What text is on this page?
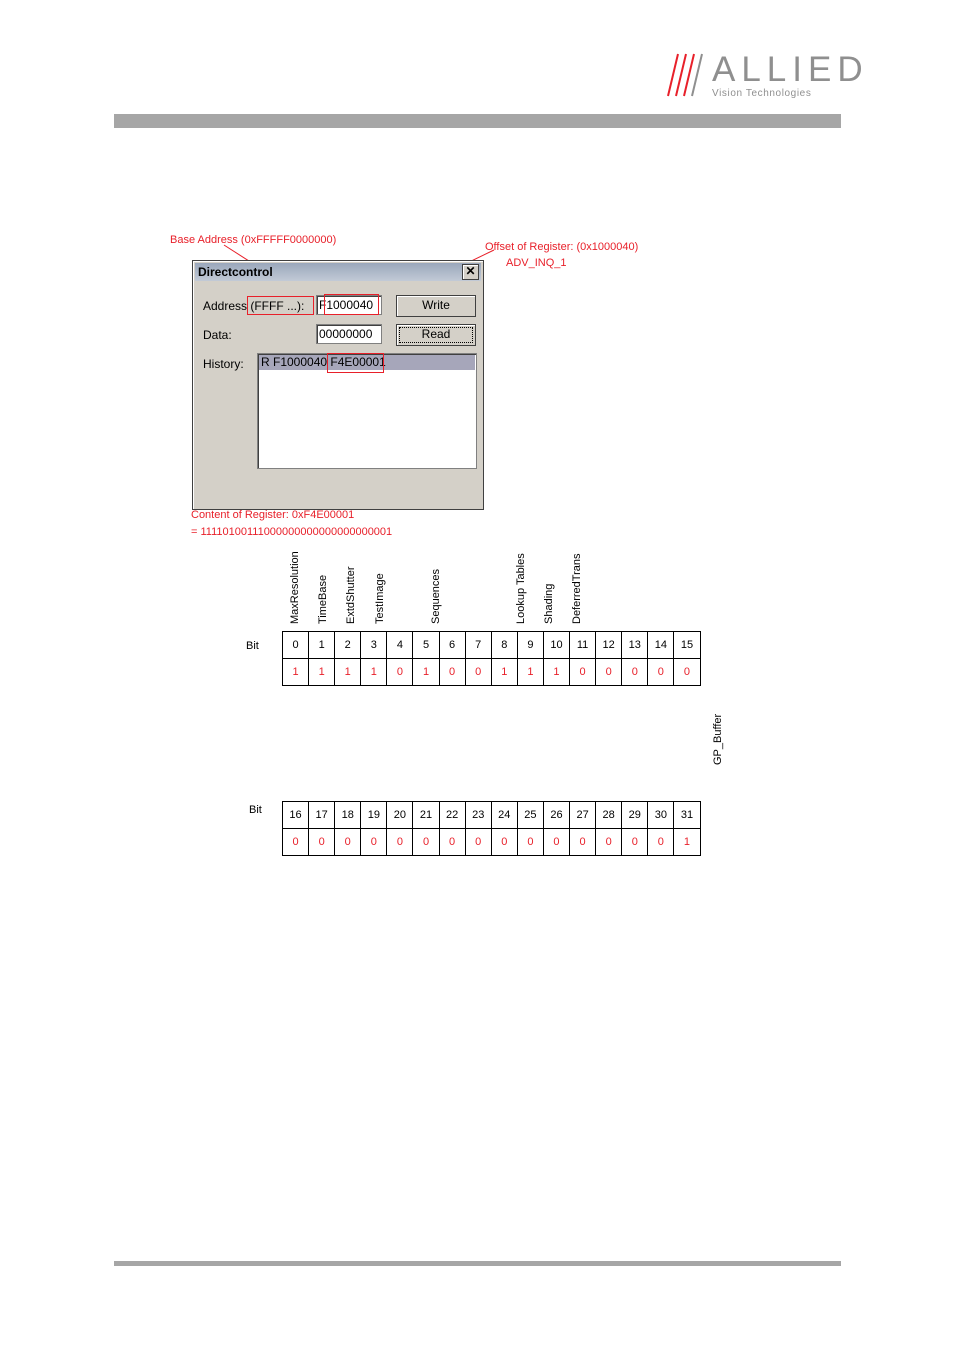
ALLIED
Vision Technologies
Base Address (0xFFFFF0000000)
Offset of Register: (0x1000040)
ADV_INQ_1
Directcontrol	✕
Address (FFFF ...): F1000040	Write
Data:	00000000	Read
History: R F1000040 F4E00001
Content of Register: 0xF4E00001
= 11110100111000000000000000000001
MaxResolution TimeBase ExtdShutter TestImage	Sequences	Lookup Tables Shading DeferredTrans
Bit	0	1	2	3	4	5	6	7	8	9	10	11	12	13	14	15
1	1	1	1	0	1	0	0	1	1	1	0	0	0	0	0
GP_Buffer
Bit	16	17	18	19	20	21	22	23	24	25	26	27	28	29	30	31
0	0	0	0	0	0	0	0	0	0	0	0	0	0	0	1
